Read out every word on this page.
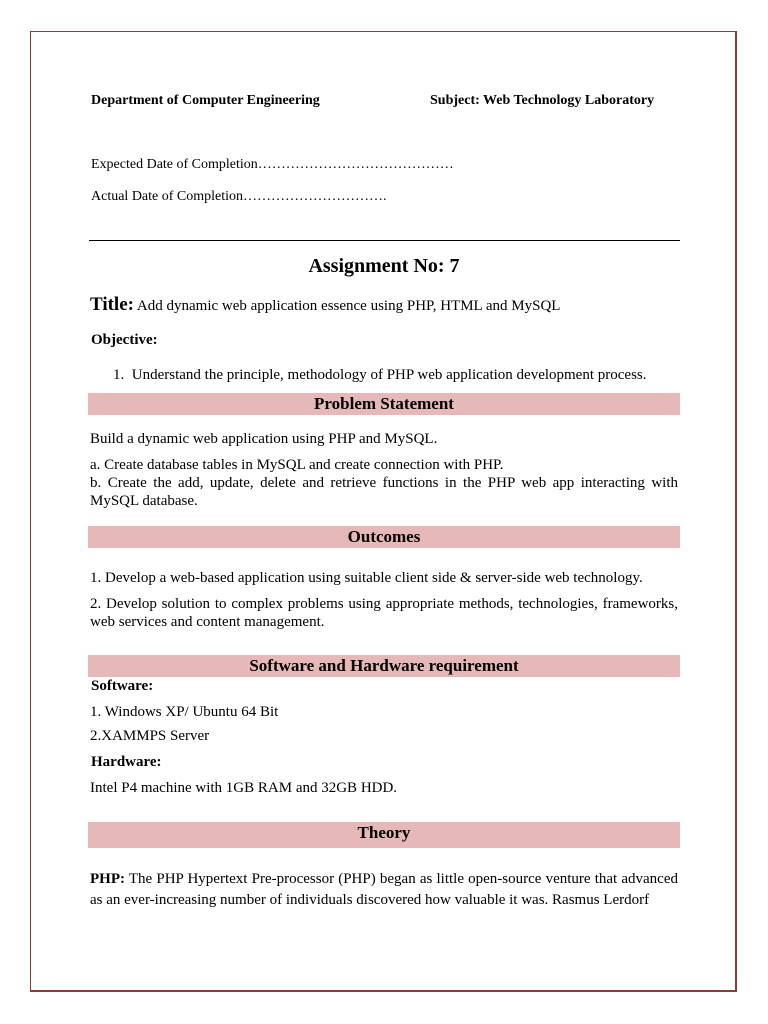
Department of Computer Engineering	Subject: Web Technology Laboratory
Expected Date of Completion……………………………………
Actual Date of Completion………………………….
Assignment No: 7
Title: Add dynamic web application essence using PHP, HTML and MySQL
Objective:
1.  Understand the principle, methodology of PHP web application development process.
Problem Statement
Build a dynamic web application using PHP and MySQL.
a. Create database tables in MySQL and create connection with PHP.
b. Create the add, update, delete and retrieve functions in the PHP web app interacting with MySQL database.
Outcomes
1. Develop a web-based application using suitable client side & server-side web technology.
2. Develop solution to complex problems using appropriate methods, technologies, frameworks, web services and content management.
Software and Hardware requirement
Software:
1. Windows XP/ Ubuntu 64 Bit
2.XAMMPS Server
Hardware:
Intel P4 machine with 1GB RAM and 32GB HDD.
Theory
PHP: The PHP Hypertext Pre-processor (PHP) began as little open-source venture that advanced as an ever-increasing number of individuals discovered how valuable it was. Rasmus Lerdorf
